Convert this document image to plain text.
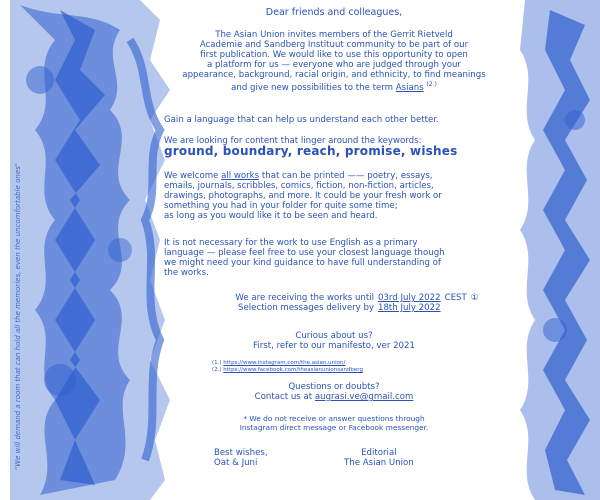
"We will demand a room that can hold all the memories, even the uncomfortable ones"

Dear friends and colleagues,

The Asian Union invites members of the Gerrit Rietveld

Academie and Sandberg Instituut community to be part of our

first publication. We would like to use this opportunity to open

a platform for us — everyone who are judged through your

appearance, background, racial origin, and ethnicity, to find meanings

and give new possibilities to the term Asians $^{(2.)}$

Gain a language that can help us understand each other better.

We are looking for content that linger around the keywords:

ground, boundary, reach, promise, wishes

We welcome all works that can be printed —— poetry, essays,

emails, journals, scribbles, comics, fiction, non-fiction, articles,

drawings, photographs, and more. It could be your fresh work or

something you had in your folder for quite some time;

as long as you would like it to be seen and heard.

It is not necessary for the work to use English as a primary

language — please feel free to use your closest language though

we might need your kind guidance to have full understanding of

the works.

We are receiving the works until 03rd July 2022 CEST ①
Selection messages delivery by 18th July 2022

Curious about us?

First, refer to our manifesto, ver 2021

(1.) https://www.instagram.com/the.asian.union/

(2.) https://www.facebook.com/theasianunionsandberg

Questions or doubts?

Contact us at augrasi.ve@gmail.com

* We do not receive or answer questions through

Instagram direct message or Facebook messenger.

Best wishes,

Oat & Juni

Editorial

The Asian Union
